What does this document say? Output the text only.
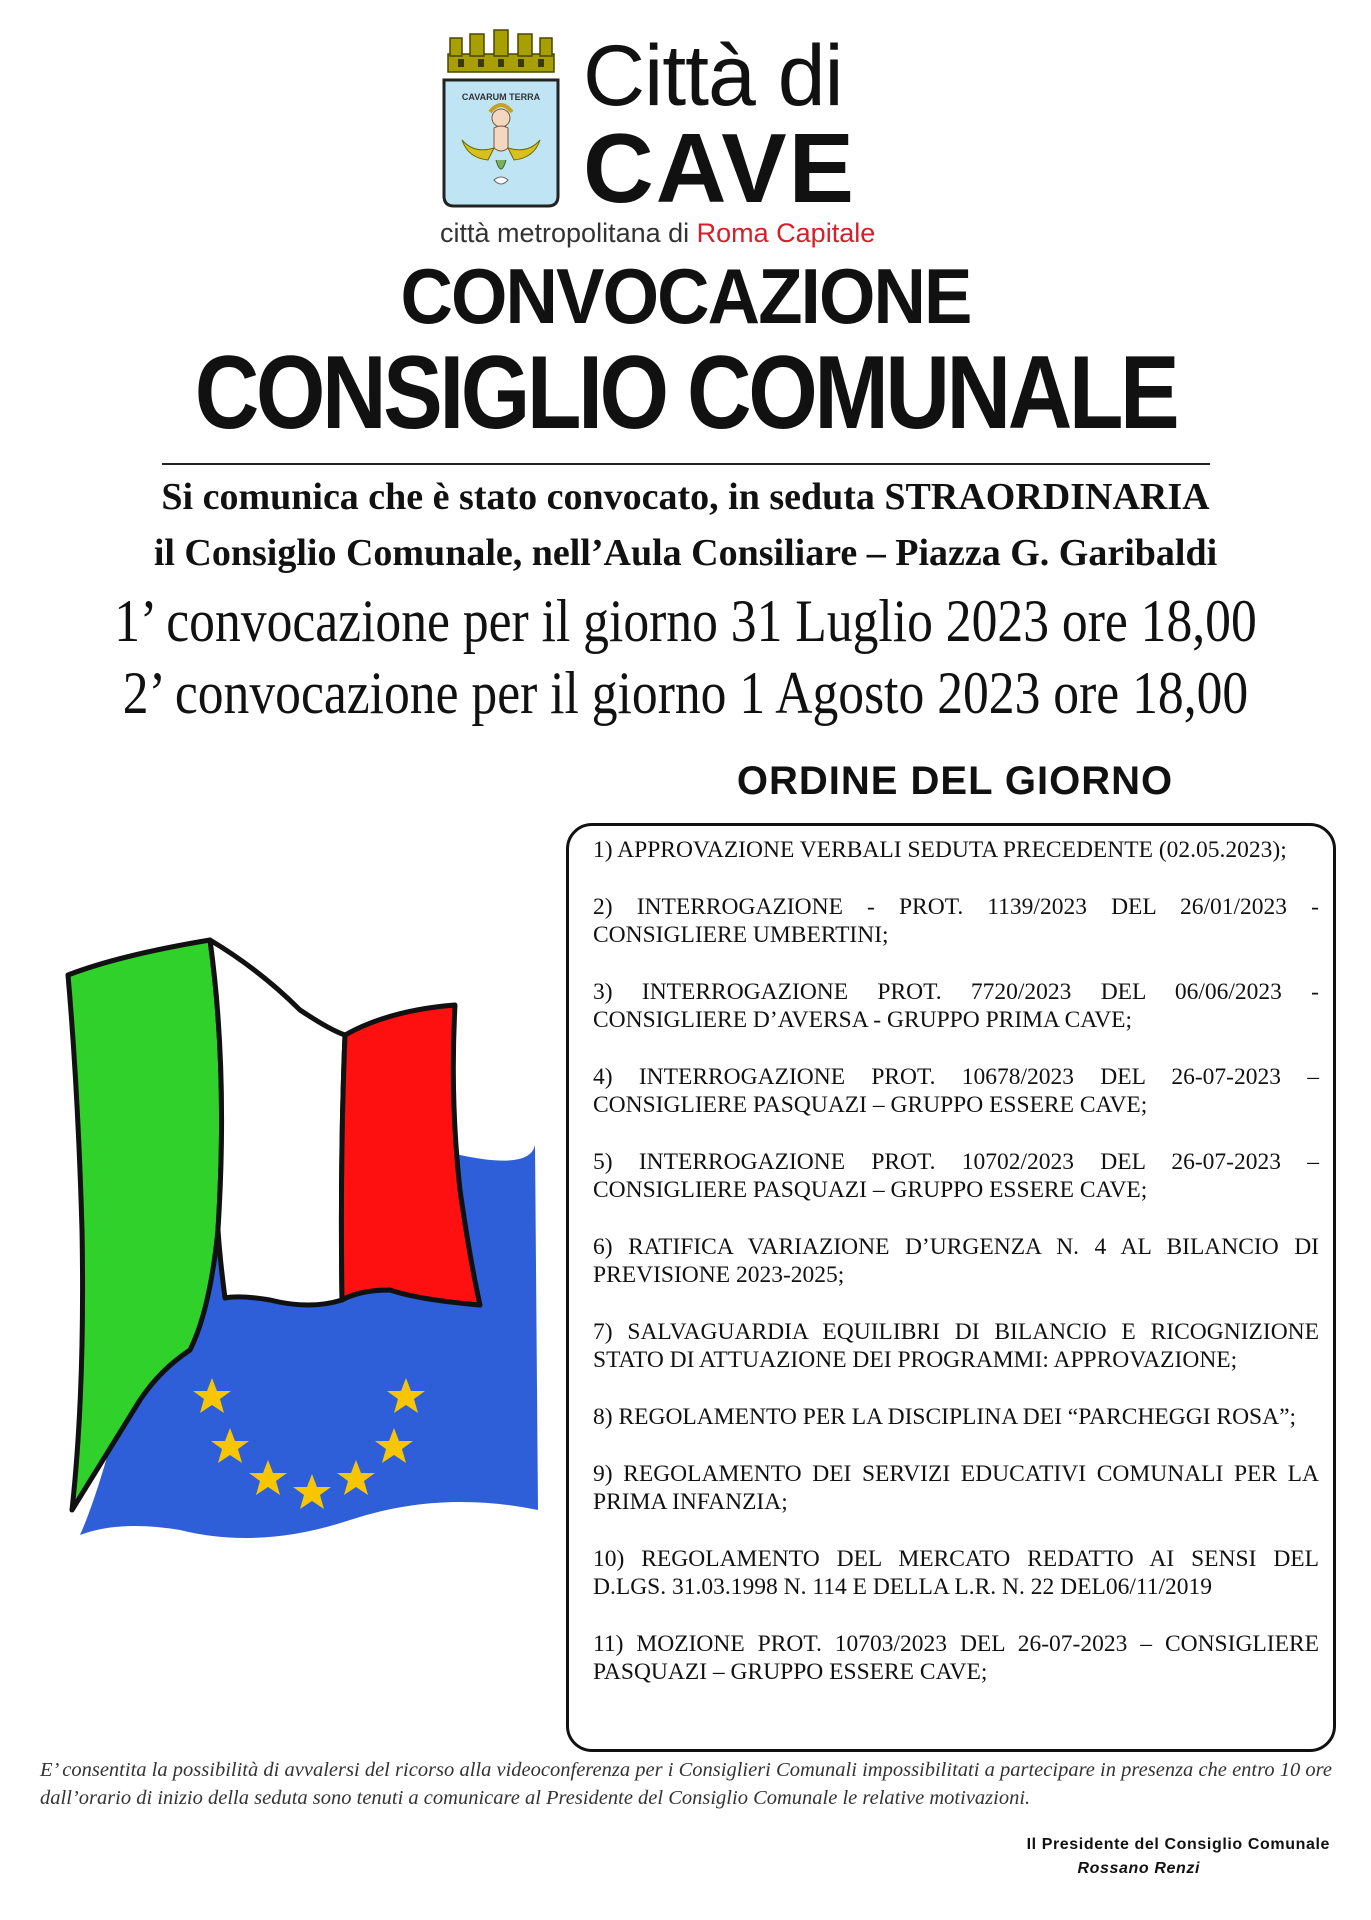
CAVARUM TERRA Città di
CAVE
città metropolitana di Roma Capitale
CONVOCAZIONE
CONSIGLIO COMUNALE
Si comunica che è stato convocato, in seduta STRAORDINARIA
il Consiglio Comunale, nell’Aula Consiliare – Piazza G. Garibaldi
1’ convocazione per il giorno 31 Luglio 2023 ore 18,00
2’ convocazione per il giorno 1 Agosto 2023 ore 18,00
ORDINE DEL GIORNO

1) APPROVAZIONE VERBALI SEDUTA PRECEDENTE (02.05.2023);

2) INTERROGAZIONE - PROT. 1139/2023 DEL 26/01/2023 - CONSIGLIERE UMBERTINI;

3) INTERROGAZIONE PROT. 7720/2023 DEL 06/06/2023 - CONSIGLIERE D’AVERSA - GRUPPO PRIMA CAVE;

4) INTERROGAZIONE PROT. 10678/2023 DEL 26-07-2023 – CONSIGLIERE PASQUAZI – GRUPPO ESSERE CAVE;

5) INTERROGAZIONE PROT. 10702/2023 DEL 26-07-2023 – CONSIGLIERE PASQUAZI – GRUPPO ESSERE CAVE;

6) RATIFICA VARIAZIONE D’URGENZA N. 4 AL BILANCIO DI PREVISIONE 2023-2025;

7) SALVAGUARDIA EQUILIBRI DI BILANCIO E RICOGNIZIONE STATO DI ATTUAZIONE DEI PROGRAMMI: APPROVAZIONE;

8) REGOLAMENTO PER LA DISCIPLINA DEI “PARCHEGGI ROSA”;

9) REGOLAMENTO DEI SERVIZI EDUCATIVI COMUNALI PER LA PRIMA INFANZIA;

10) REGOLAMENTO DEL MERCATO REDATTO AI SENSI DEL D.LGS. 31.03.1998 N. 114 E DELLA L.R. N. 22 DEL06/11/2019

11) MOZIONE PROT. 10703/2023 DEL 26-07-2023 – CONSIGLIERE PASQUAZI – GRUPPO ESSERE CAVE;

E’ consentita la possibilità di avvalersi del ricorso alla videoconferenza per i Consiglieri Comunali impossibilitati a partecipare in presenza che entro 10 ore dall’orario di inizio della seduta sono tenuti a comunicare al Presidente del Consiglio Comunale le relative motivazioni.
Il Presidente del Consiglio Comunale
Rossano Renzi
